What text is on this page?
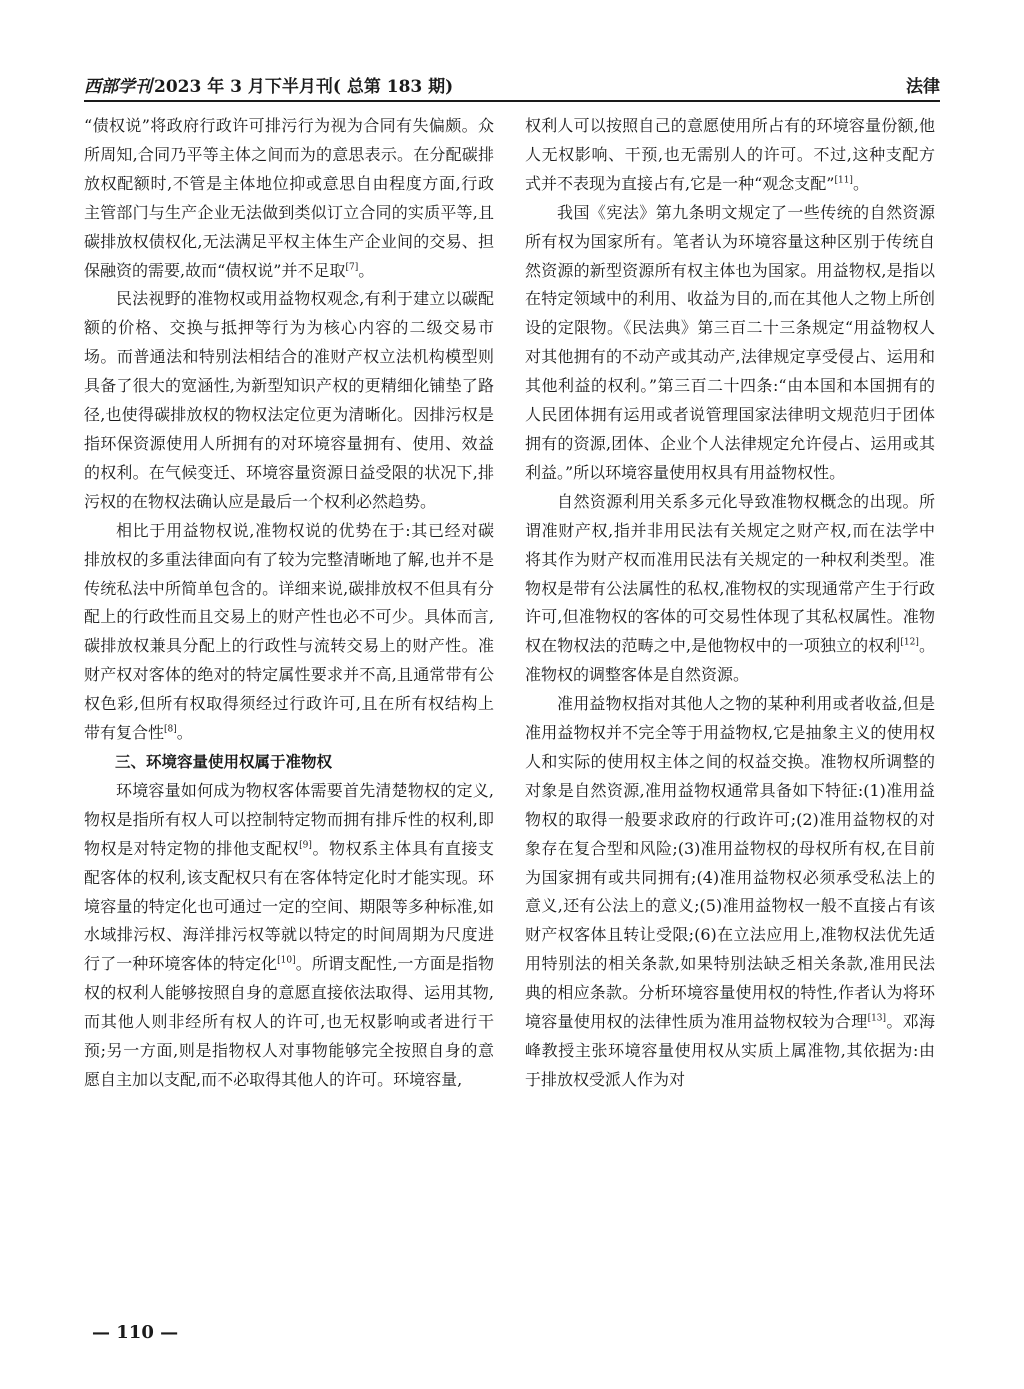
西部学刊 2023 年 3 月下半月刊( 总第 183 期)	法律

“债权说”将政府行政许可排污行为视为合同有失偏颇。众所周知,合同乃平等主体之间而为的意思表示。在分配碳排放权配额时,不管是主体地位抑或意思自由程度方面,行政主管部门与生产企业无法做到类似订立合同的实质平等,且碳排放权债权化,无法满足平权主体生产企业间的交易、担保融资的需要,故而“债权说”并不足取[7]。

民法视野的准物权或用益物权观念,有利于建立以碳配额的价格、交换与抵押等行为为核心内容的二级交易市场。而普通法和特别法相结合的准财产权立法机构模型则具备了很大的宽涵性,为新型知识产权的更精细化铺垫了路径,也使得碳排放权的物权法定位更为清晰化。因排污权是指环保资源使用人所拥有的对环境容量拥有、使用、效益的权利。在气候变迁、环境容量资源日益受限的状况下,排污权的在物权法确认应是最后一个权利必然趋势。

相比于用益物权说,准物权说的优势在于:其已经对碳排放权的多重法律面向有了较为完整清晰地了解,也并不是传统私法中所简单包含的。详细来说,碳排放权不但具有分配上的行政性而且交易上的财产性也必不可少。具体而言,碳排放权兼具分配上的行政性与流转交易上的财产性。准财产权对客体的绝对的特定属性要求并不高,且通常带有公权色彩,但所有权取得须经过行政许可,且在所有权结构上带有复合性[8]。

三、环境容量使用权属于准物权

环境容量如何成为物权客体需要首先清楚物权的定义,物权是指所有权人可以控制特定物而拥有排斥性的权利,即物权是对特定物的排他支配权[9]。物权系主体具有直接支配客体的权利,该支配权只有在客体特定化时才能实现。环境容量的特定化也可通过一定的空间、期限等多种标准,如水域排污权、海洋排污权等就以特定的时间周期为尺度进行了一种环境客体的特定化[10]。所谓支配性,一方面是指物权的权利人能够按照自身的意愿直接依法取得、运用其物,而其他人则非经所有权人的许可,也无权影响或者进行干预;另一方面,则是指物权人对事物能够完全按照自身的意愿自主加以支配,而不必取得其他人的许可。环境容量,

权利人可以按照自己的意愿使用所占有的环境容量份额,他人无权影响、干预,也无需别人的许可。不过,这种支配方式并不表现为直接占有,它是一种“观念支配”[11]。

我国《宪法》第九条明文规定了一些传统的自然资源所有权为国家所有。笔者认为环境容量这种区别于传统自然资源的新型资源所有权主体也为国家。用益物权,是指以在特定领域中的利用、收益为目的,而在其他人之物上所创设的定限物。《民法典》第三百二十三条规定“用益物权人对其他拥有的不动产或其动产,法律规定享受侵占、运用和其他利益的权利。”第三百二十四条:“由本国和本国拥有的人民团体拥有运用或者说管理国家法律明文规范归于团体拥有的资源,团体、企业个人法律规定允许侵占、运用或其利益。”所以环境容量使用权具有用益物权性。

自然资源利用关系多元化导致准物权概念的出现。所谓准财产权,指并非用民法有关规定之财产权,而在法学中将其作为财产权而准用民法有关规定的一种权利类型。准物权是带有公法属性的私权,准物权的实现通常产生于行政许可,但准物权的客体的可交易性体现了其私权属性。准物权在物权法的范畴之中,是他物权中的一项独立的权利[12]。准物权的调整客体是自然资源。

准用益物权指对其他人之物的某种利用或者收益,但是准用益物权并不完全等于用益物权,它是抽象主义的使用权人和实际的使用权主体之间的权益交换。准物权所调整的对象是自然资源,准用益物权通常具备如下特征:(1)准用益物权的取得一般要求政府的行政许可;(2)准用益物权的对象存在复合型和风险;(3)准用益物权的母权所有权,在目前为国家拥有或共同拥有;(4)准用益物权必须承受私法上的意义,还有公法上的意义;(5)准用益物权一般不直接占有该财产权客体且转让受限;(6)在立法应用上,准物权法优先适用特别法的相关条款,如果特别法缺乏相关条款,准用民法典的相应条款。分析环境容量使用权的特性,作者认为将环境容量使用权的法律性质为准用益物权较为合理[13]。邓海峰教授主张环境容量使用权从实质上属准物,其依据为:由于排放权受派人作为对

— 110 —
